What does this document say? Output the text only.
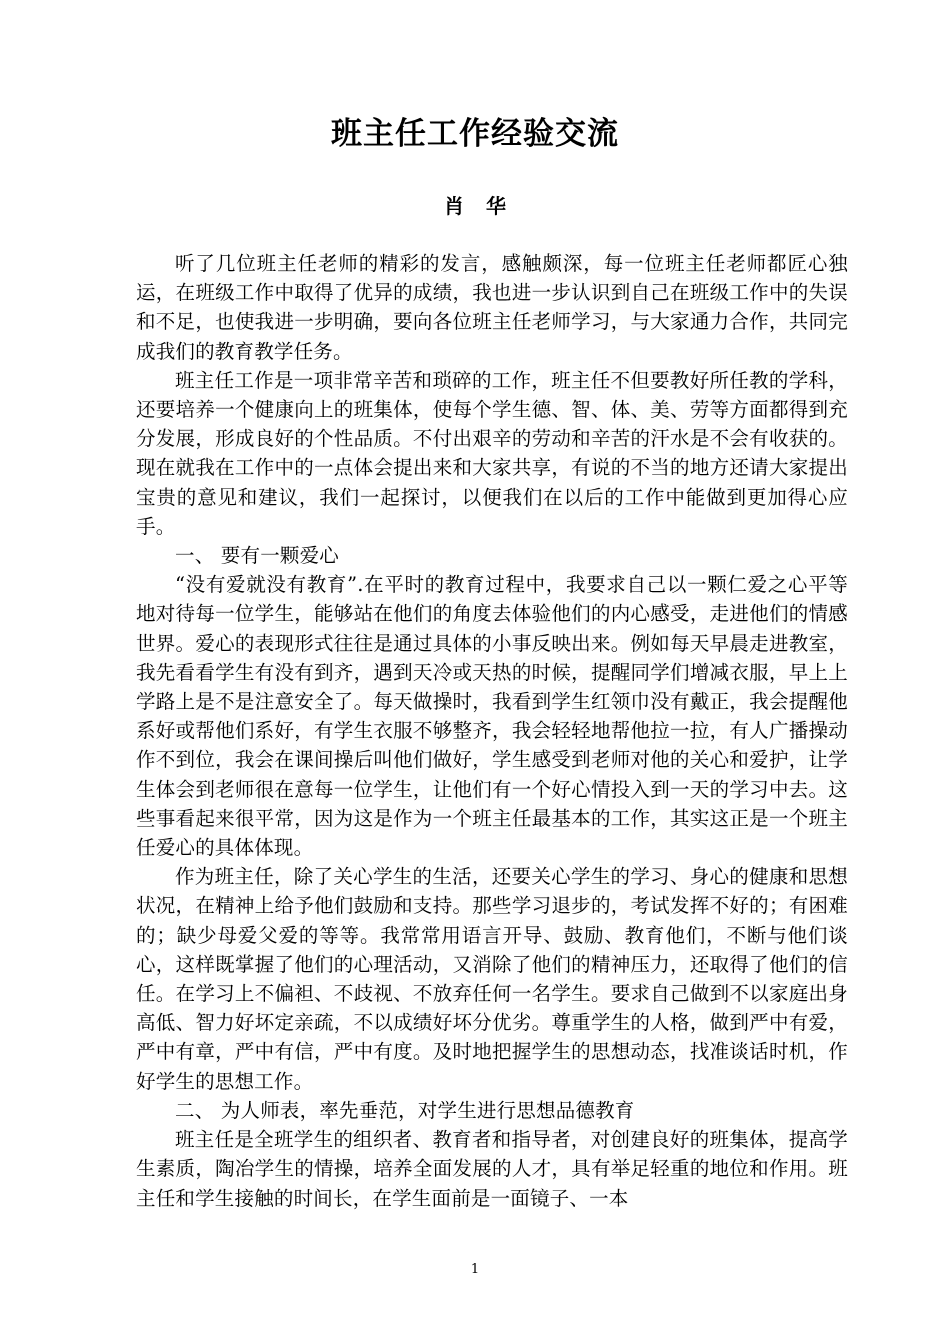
班主任工作经验交流
肖华

听了几位班主任老师的精彩的发言，感触颇深，每一位班主任老师都匠心独运，在班级工作中取得了优异的成绩，我也进一步认识到自己在班级工作中的失误和不足，也使我进一步明确，要向各位班主任老师学习，与大家通力合作，共同完成我们的教育教学任务。

班主任工作是一项非常辛苦和琐碎的工作，班主任不但要教好所任教的学科，还要培养一个健康向上的班集体，使每个学生德、智、体、美、劳等方面都得到充分发展，形成良好的个性品质。不付出艰辛的劳动和辛苦的汗水是不会有收获的。现在就我在工作中的一点体会提出来和大家共享，有说的不当的地方还请大家提出宝贵的意见和建议，我们一起探讨，以便我们在以后的工作中能做到更加得心应手。

一、 要有一颗爱心

“没有爱就没有教育”.在平时的教育过程中，我要求自己以一颗仁爱之心平等地对待每一位学生，能够站在他们的角度去体验他们的内心感受，走进他们的情感世界。爱心的表现形式往往是通过具体的小事反映出来。例如每天早晨走进教室，我先看看学生有没有到齐，遇到天冷或天热的时候，提醒同学们增减衣服，早上上学路上是不是注意安全了。每天做操时，我看到学生红领巾没有戴正，我会提醒他系好或帮他们系好，有学生衣服不够整齐，我会轻轻地帮他拉一拉，有人广播操动作不到位，我会在课间操后叫他们做好，学生感受到老师对他的关心和爱护，让学生体会到老师很在意每一位学生，让他们有一个好心情投入到一天的学习中去。这些事看起来很平常，因为这是作为一个班主任最基本的工作，其实这正是一个班主任爱心的具体体现。

作为班主任，除了关心学生的生活，还要关心学生的学习、身心的健康和思想状况，在精神上给予他们鼓励和支持。那些学习退步的，考试发挥不好的；有困难的；缺少母爱父爱的等等。我常常用语言开导、鼓励、教育他们，不断与他们谈心，这样既掌握了他们的心理活动，又消除了他们的精神压力，还取得了他们的信任。在学习上不偏袒、不歧视、不放弃任何一名学生。要求自己做到不以家庭出身高低、智力好坏定亲疏，不以成绩好坏分优劣。尊重学生的人格，做到严中有爱，严中有章，严中有信，严中有度。及时地把握学生的思想动态，找准谈话时机，作好学生的思想工作。

二、 为人师表，率先垂范，对学生进行思想品德教育

班主任是全班学生的组织者、教育者和指导者，对创建良好的班集体，提高学生素质，陶冶学生的情操，培养全面发展的人才，具有举足轻重的地位和作用。班主任和学生接触的时间长，在学生面前是一面镜子、一本

1
